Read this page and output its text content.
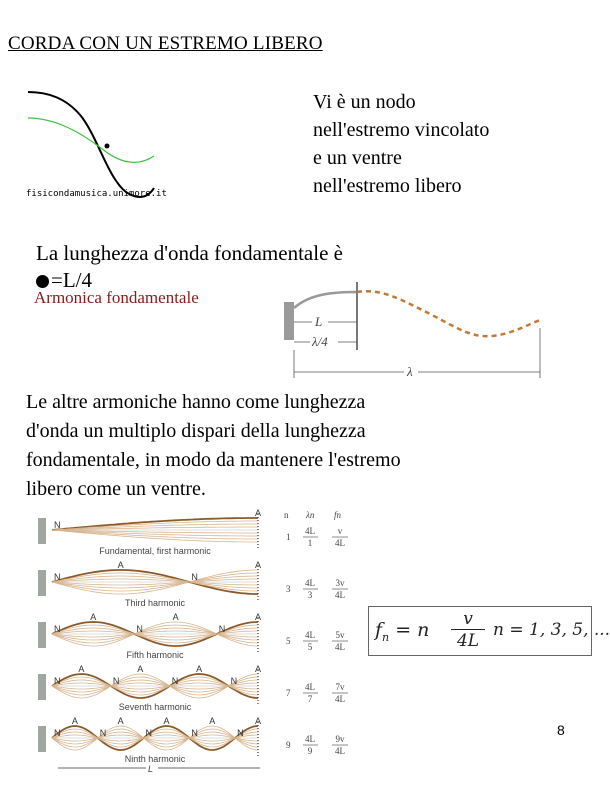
CORDA CON UN ESTREMO LIBERO
fisicondamusica.unimore.it
Vi è un nodo
nell'estremo vincolato
e un ventre
nell'estremo libero
La lunghezza d'onda fondamentale è
=L/4
Armonica fondamentale
L
λ/4
λ
Le altre armoniche hanno come lunghezza
d'onda un multiplo dispari della lunghezza
fondamentale, in modo da mantenere l'estremo
libero come un ventre.
n λn fn
L
N
A
Fundamental, first harmonic
1
4L
1
v
4L
N
A
N
A
Third harmonic
3
4L
3
3v
4L
N
A
N
A
N
A
Fifth harmonic
5
4L
5
5v
4L
N
A
N
A
N
A
N
A
Seventh harmonic
7
4L
7
7v
4L
N
A
N
A
N
A
N
A
N
A
Ninth harmonic
9
4L
9
9v
4L
$f_n = n \frac{v}{4L}$ n = 1, 3, 5, ...
8
